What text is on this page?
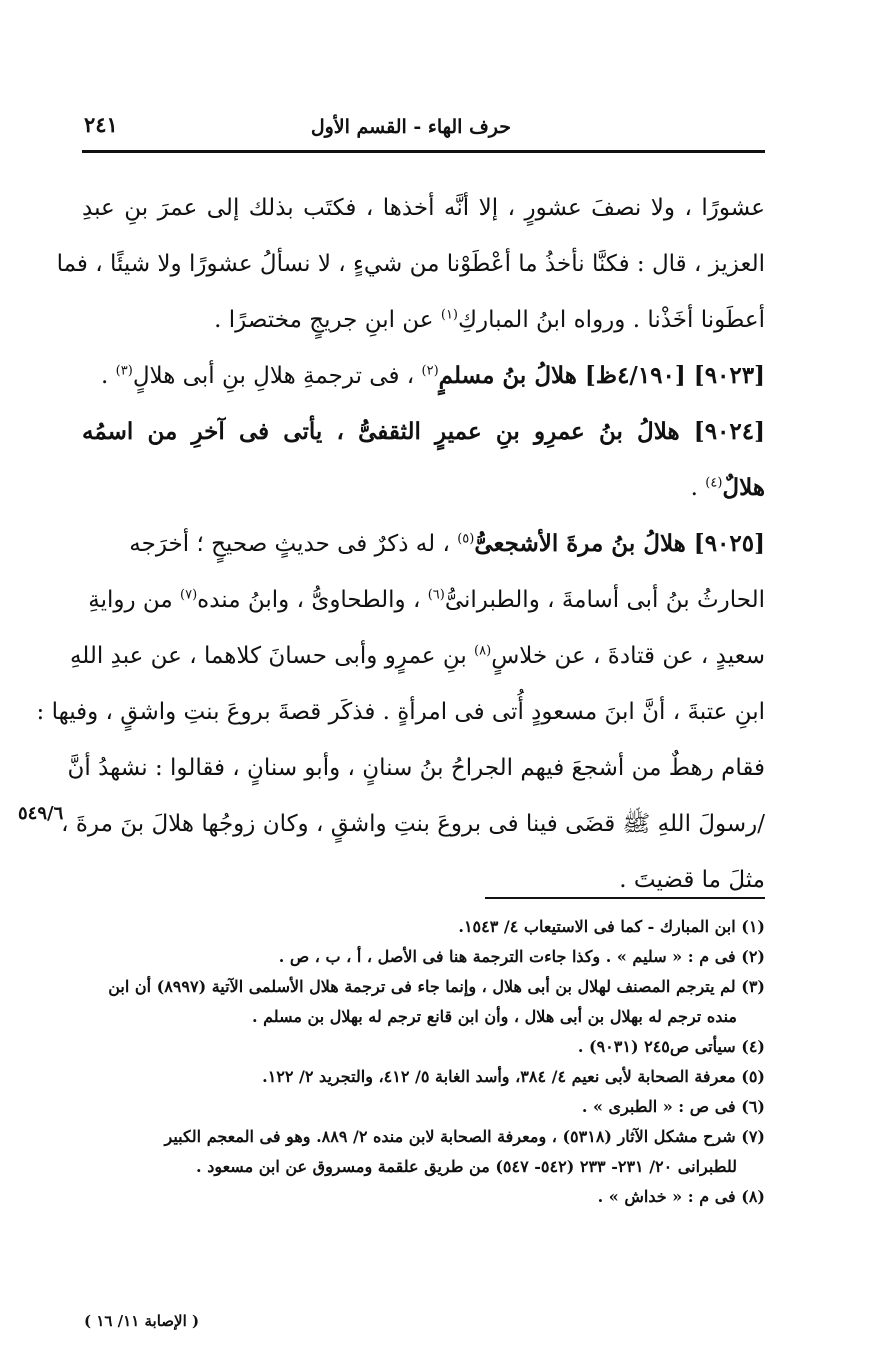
٢٤١	حرف الهاء - القسم الأول
عشورًا ، ولا نصفَ عشورٍ ، إلا أنَّه أخذها ، فكتَب بذلك إلى عمرَ بنِ عبدِ
العزيز ، قال : فكنَّا نأخذُ ما أعْطَوْنا من شيءٍ ، لا نسألُ عشورًا ولا شيئًا ، فما
أعطَونا أخَذْنا . ورواه ابنُ المباركِ$^{(١)}$ عن ابنِ جريجٍ مختصرًا .
[٩٠٢٣] [٤/١٩٠ظ] هلالُ بنُ مسلمٍ$^{(٢)}$ ، فى ترجمةِ هلالِ بنِ أبى هلالٍ$^{(٣)}$ .
[٩٠٢٤] هلالُ بنُ عمرِو بنِ عميرٍ الثقفىُّ ، يأتى فى آخرِ من اسمُه
هلالٌ$^{(٤)}$ .
[٩٠٢٥] هلالُ بنُ مرةَ الأشجعىُّ$^{(٥)}$ ، له ذكرٌ فى حديثٍ صحيحٍ ؛ أخرَجه
الحارثُ بنُ أبى أسامةَ ، والطبرانىُّ$^{(٦)}$ ، والطحاوىُّ ، وابنُ منده$^{(٧)}$ من روايةِ
سعيدٍ ، عن قتادةَ ، عن خلاسٍ$^{(٨)}$ بنِ عمرٍو وأبى حسانَ كلاهما ، عن عبدِ اللهِ
ابنِ عتبةَ ، أنَّ ابنَ مسعودٍ أُتى فى امرأةٍ . فذكَر قصةَ بروعَ بنتِ واشقٍ ، وفيها :
فقام رهطٌ من أشجعَ فيهم الجراحُ بنُ سنانٍ ، وأبو سنانٍ ، فقالوا : نشهدُ أنَّ
/رسولَ اللهِ ﷺ قضَى فينا فى بروعَ بنتِ واشقٍ ، وكان زوجُها هلالَ بنَ مرةَ ،
مثلَ ما قضيتَ .
٥٤٩/٦
(١) ابن المبارك - كما فى الاستيعاب ٤/ ١٥٤٣.
(٢) فى م : « سليم » . وكذا جاءت الترجمة هنا فى الأصل ، أ ، ب ، ص .
(٣) لم يترجم المصنف لهلال بن أبى هلال ، وإنما جاء فى ترجمة هلال الأسلمى الآتية (٨٩٩٧) أن ابن
منده ترجم له بهلال بن أبى هلال ، وأن ابن قانع ترجم له بهلال بن مسلم .
(٤) سيأتى ص٢٤٥ (٩٠٣١) .
(٥) معرفة الصحابة لأبى نعيم ٤/ ٣٨٤، وأسد الغابة ٥/ ٤١٢، والتجريد ٢/ ١٢٢.
(٦) فى ص : « الطبرى » .
(٧) شرح مشكل الآثار (٥٣١٨) ، ومعرفة الصحابة لابن منده ٢/ ٨٨٩. وهو فى المعجم الكبير
للطبرانى ٢٠/ ٢٣١- ٢٣٣ (٥٤٢- ٥٤٧) من طريق علقمة ومسروق عن ابن مسعود .
(٨) فى م : « خداش » .
( الإصابة ١١/ ١٦ )
